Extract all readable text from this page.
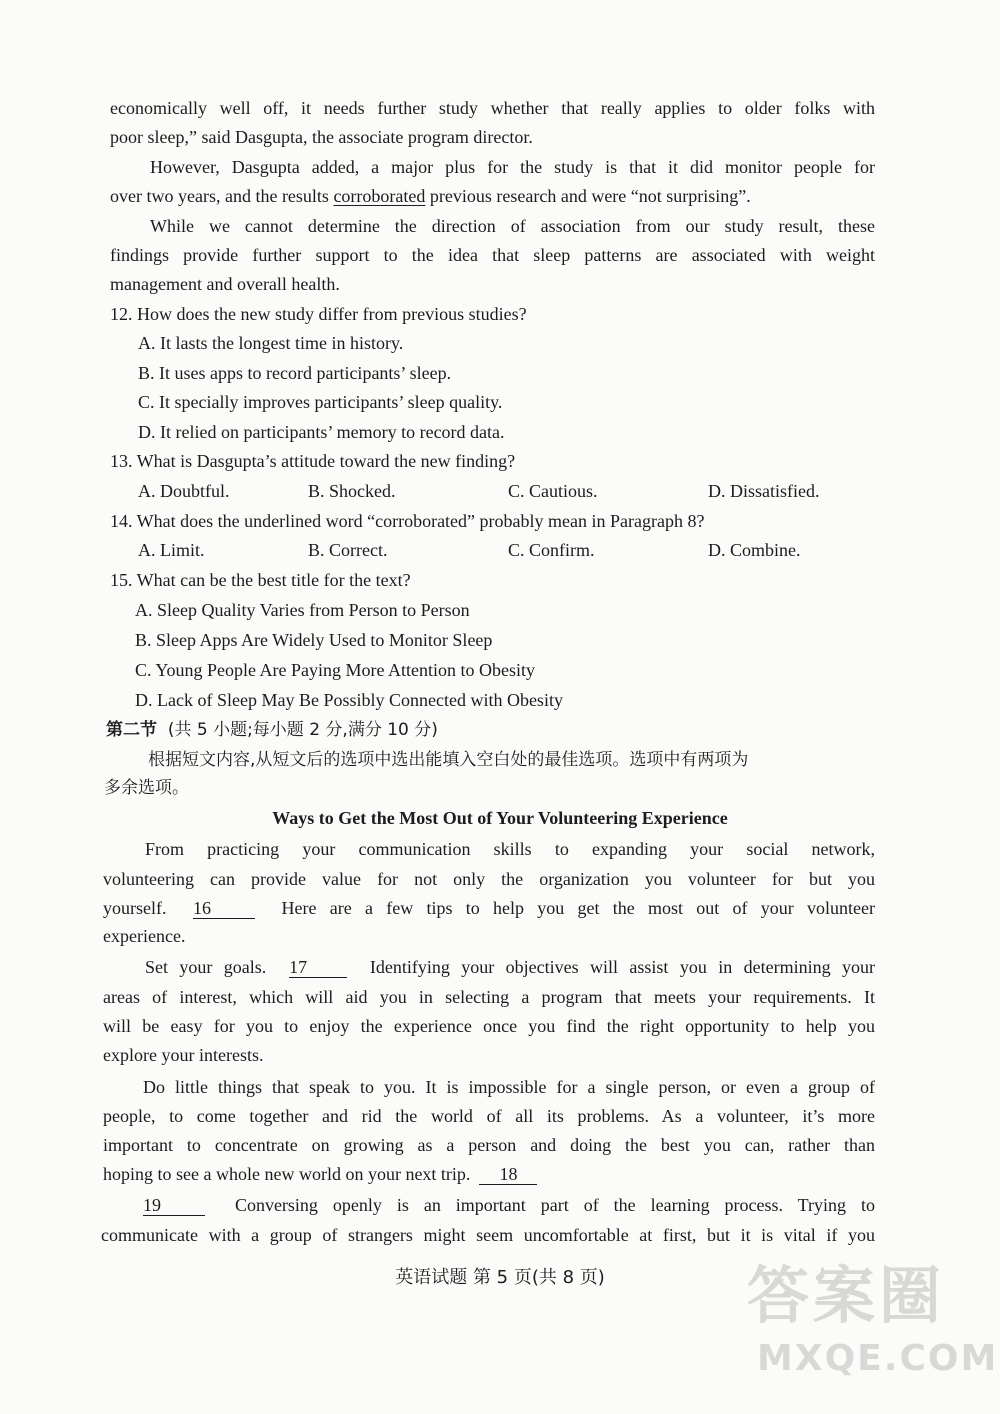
economically well off, it needs further study whether that really applies to older folks with
poor sleep,” said Dasgupta, the associate program director.
However, Dasgupta added, a major plus for the study is that it did monitor people for
over two years, and the results corroborated previous research and were “not surprising”.
While we cannot determine the direction of association from our study result, these
findings provide further support to the idea that sleep patterns are associated with weight
management and overall health.
12. How does the new study differ from previous studies?
A. It lasts the longest time in history.
B. It uses apps to record participants’ sleep.
C. It specially improves participants’ sleep quality.
D. It relied on participants’ memory to record data.
13. What is Dasgupta’s attitude toward the new finding?
A. Doubtful.	B. Shocked.	C. Cautious.	D. Dissatisfied.
14. What does the underlined word “corroborated” probably mean in Paragraph 8?
A. Limit.	B. Correct.	C. Confirm.	D. Combine.
15. What can be the best title for the text?
A. Sleep Quality Varies from Person to Person
B. Sleep Apps Are Widely Used to Monitor Sleep
C. Young People Are Paying More Attention to Obesity
D. Lack of Sleep May Be Possibly Connected with Obesity
第二节 (共 5 小题;每小题 2 分,满分 10 分)
根据短文内容,从短文后的选项中选出能填入空白处的最佳选项。选项中有两项为
多余选项。
Ways to Get the Most Out of Your Volunteering Experience
From practicing your communication skills to expanding your social network,
volunteering can provide value for not only the organization you volunteer for but you
yourself. 16	Here are a few tips to help you get the most out of your volunteer
experience.
Set your goals. 17	Identifying your objectives will assist you in determining your
areas of interest, which will aid you in selecting a program that meets your requirements. It
will be easy for you to enjoy the experience once you find the right opportunity to help you
explore your interests.
Do little things that speak to you. It is impossible for a single person, or even a group of
people, to come together and rid the world of all its problems. As a volunteer, it’s more
important to concentrate on growing as a person and doing the best you can, rather than
hoping to see a whole new world on your next trip. 18
19	Conversing openly is an important part of the learning process. Trying to
communicate with a group of strangers might seem uncomfortable at first, but it is vital if you
英语试题 第 5 页(共 8 页)	答案圈
MXQE.COM
